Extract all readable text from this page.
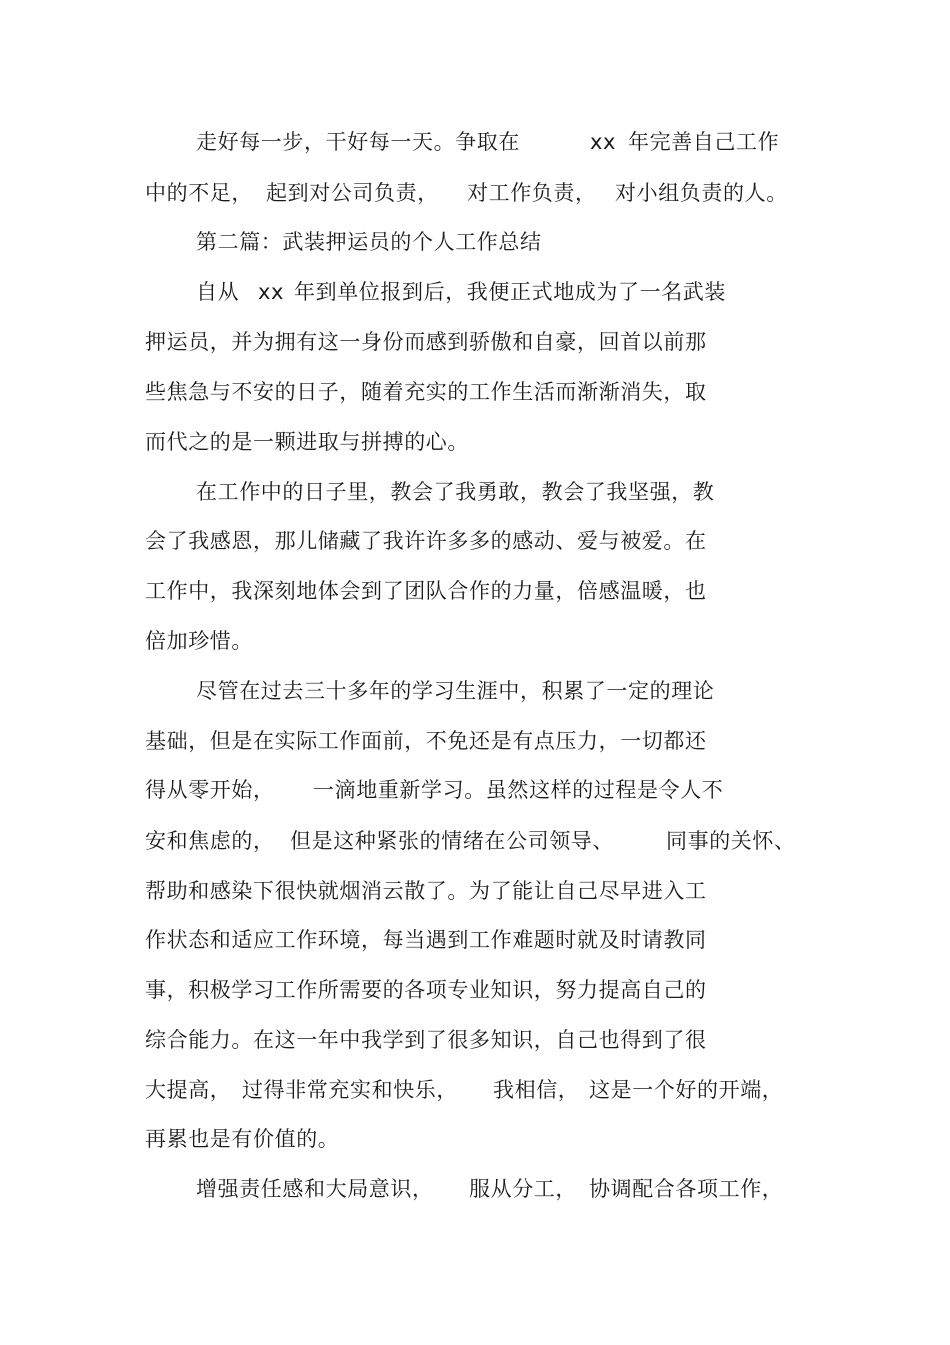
走好每一步，干好每一天。争取在

	xx

年完善自己工作

中的不足，

起到对公司负责，

对工作负责，

对小组负责的人。

第二篇：武装押运员的个人工作总结

自从

xx

年到单位报到后，我便正式地成为了一名武装

押运员，并为拥有这一身份而感到骄傲和自豪，回首以前那

些焦急与不安的日子，随着充实的工作生活而渐渐消失，取

而代之的是一颗进取与拼搏的心。

在工作中的日子里，教会了我勇敢，教会了我坚强，教

会了我感恩，那儿储藏了我许许多多的感动、爱与被爱。在

工作中，我深刻地体会到了团队合作的力量，倍感温暖，也

倍加珍惜。

尽管在过去三十多年的学习生涯中，积累了一定的理论

基础，但是在实际工作面前，不免还是有点压力，一切都还

得从零开始，

一滴地重新学习。虽然这样的过程是令人不

安和焦虑的，

但是这种紧张的情绪在公司领导、

同事的关怀、

帮助和感染下很快就烟消云散了。为了能让自己尽早进入工

作状态和适应工作环境，每当遇到工作难题时就及时请教同

事，积极学习工作所需要的各项专业知识，努力提高自己的

综合能力。在这一年中我学到了很多知识，自己也得到了很

大提高，

过得非常充实和快乐，

我相信，

这是一个好的开端，

再累也是有价值的。

增强责任感和大局意识，

服从分工，

协调配合各项工作，
